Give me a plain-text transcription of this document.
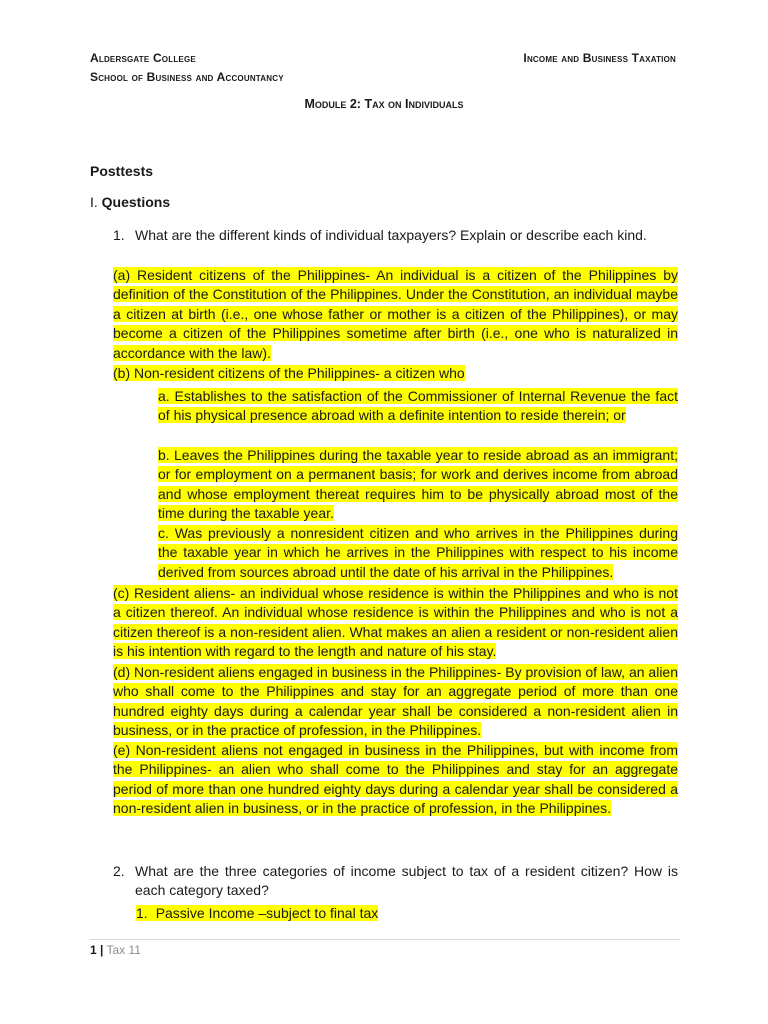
Aldersgate College
School of Business and Accountancy
Income and Business Taxation
Module 2: Tax on Individuals
Posttests
I. Questions
1. What are the different kinds of individual taxpayers? Explain or describe each kind.
(a) Resident citizens of the Philippines- An individual is a citizen of the Philippines by definition of the Constitution of the Philippines. Under the Constitution, an individual maybe a citizen at birth (i.e., one whose father or mother is a citizen of the Philippines), or may become a citizen of the Philippines sometime after birth (i.e., one who is naturalized in accordance with the law).
(b) Non-resident citizens of the Philippines- a citizen who
a. Establishes to the satisfaction of the Commissioner of Internal Revenue the fact of his physical presence abroad with a definite intention to reside therein; or
b. Leaves the Philippines during the taxable year to reside abroad as an immigrant; or for employment on a permanent basis; for work and derives income from abroad and whose employment thereat requires him to be physically abroad most of the time during the taxable year.
c. Was previously a nonresident citizen and who arrives in the Philippines during the taxable year in which he arrives in the Philippines with respect to his income derived from sources abroad until the date of his arrival in the Philippines.
(c) Resident aliens- an individual whose residence is within the Philippines and who is not a citizen thereof. An individual whose residence is within the Philippines and who is not a citizen thereof is a non-resident alien. What makes an alien a resident or non-resident alien is his intention with regard to the length and nature of his stay.
(d) Non-resident aliens engaged in business in the Philippines- By provision of law, an alien who shall come to the Philippines and stay for an aggregate period of more than one hundred eighty days during a calendar year shall be considered a non-resident alien in business, or in the practice of profession, in the Philippines.
(e) Non-resident aliens not engaged in business in the Philippines, but with income from the Philippines- an alien who shall come to the Philippines and stay for an aggregate period of more than one hundred eighty days during a calendar year shall be considered a non-resident alien in business, or in the practice of profession, in the Philippines.
2. What are the three categories of income subject to tax of a resident citizen? How is each category taxed?
1. Passive Income –subject to final tax
1 | Tax 11
